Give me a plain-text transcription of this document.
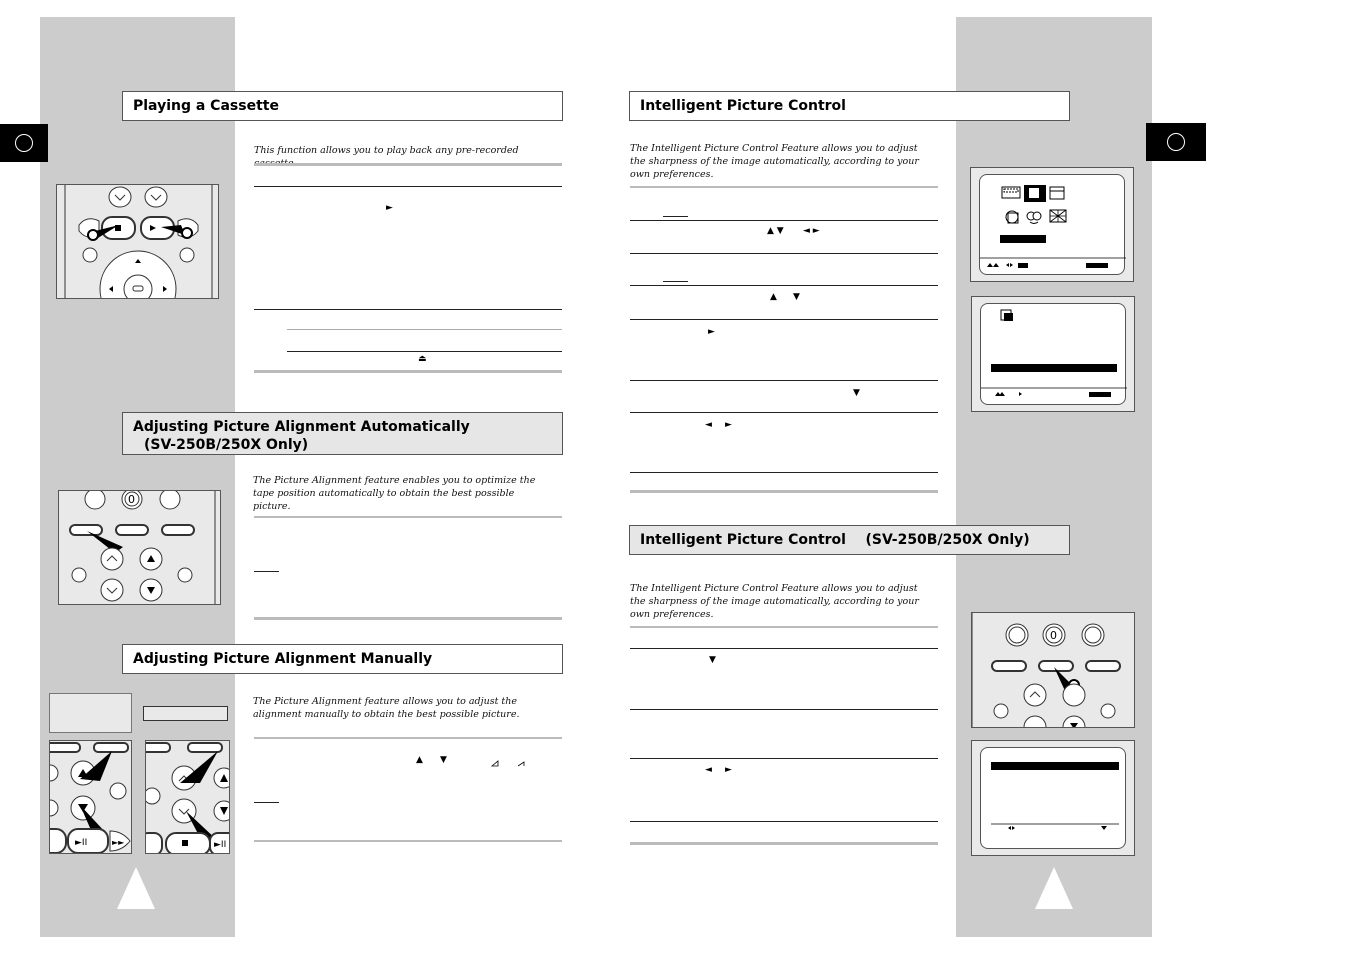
Playing a Cassette
This function allows you to play back any pre-recorded cassette.
►
⏏
Adjusting Picture Alignment Automatically
(SV-250B/250X Only)
The Picture Alignment feature enables you to optimize the tape position automatically to obtain the best possible picture.
0
Adjusting Picture Alignment Manually
The Picture Alignment feature allows you to adjust the alignment manually to obtain the best possible picture.
▲ ▼
►II	►►	►II
Intelligent Picture Control
The Intelligent Picture Control Feature allows you to adjust the sharpness of the image automatically, according to your own preferences.
▲ ▼ ◄ ►
▲ ▼
►
▼
◄ ►
Intelligent Picture Control    (SV-250B/250X Only)
The Intelligent Picture Control Feature allows you to adjust the sharpness of the image automatically, according to your own preferences.
▼
◄ ►
0
